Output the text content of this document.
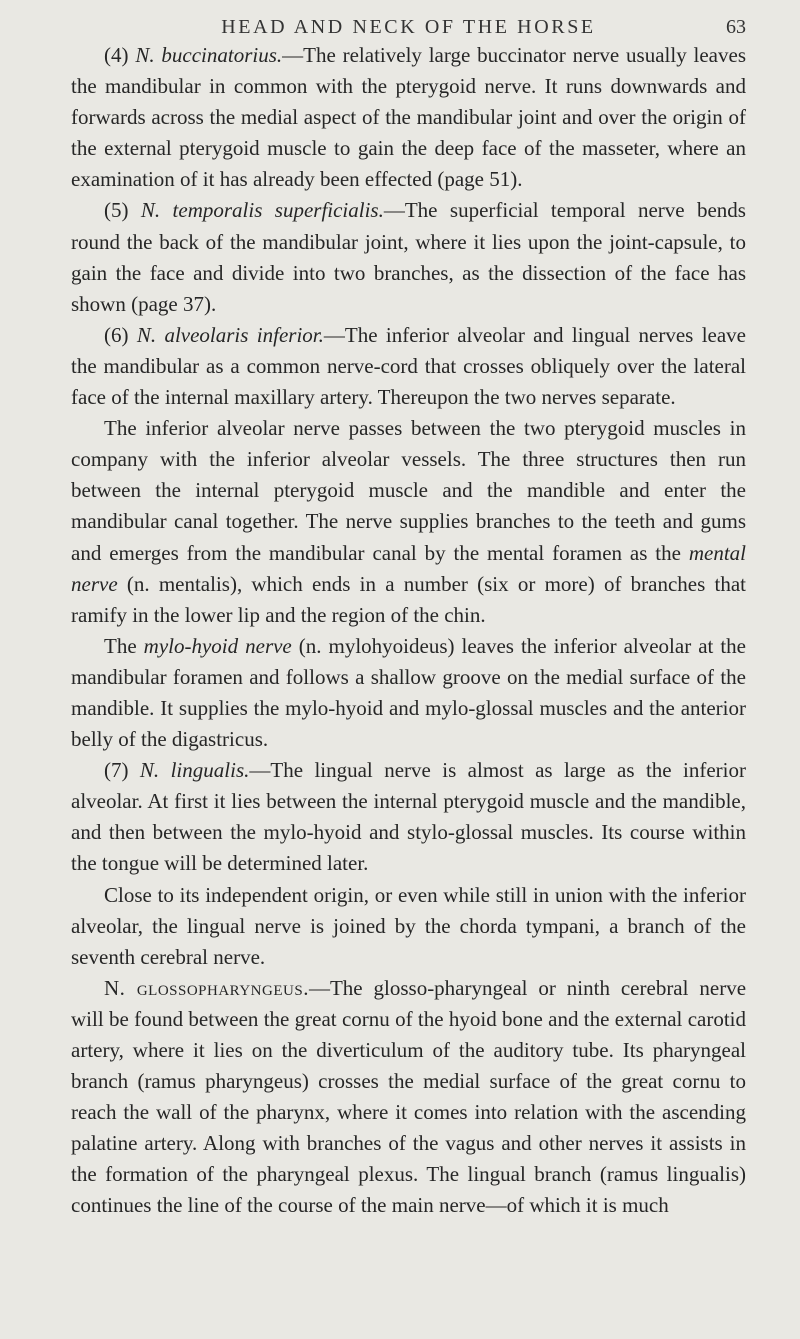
HEAD AND NECK OF THE HORSE	63

(4) N. buccinatorius.—The relatively large buccinator nerve usually leaves the mandibular in common with the pterygoid nerve. It runs downwards and forwards across the medial aspect of the mandibular joint and over the origin of the external pterygoid muscle to gain the deep face of the masseter, where an examination of it has already been effected (page 51).

(5) N. temporalis superficialis.—The superficial temporal nerve bends round the back of the mandibular joint, where it lies upon the joint-capsule, to gain the face and divide into two branches, as the dissection of the face has shown (page 37).

(6) N. alveolaris inferior.—The inferior alveolar and lingual nerves leave the mandibular as a common nerve-cord that crosses obliquely over the lateral face of the internal maxillary artery. Thereupon the two nerves separate.

The inferior alveolar nerve passes between the two pterygoid muscles in company with the inferior alveolar vessels. The three structures then run between the internal pterygoid muscle and the mandible and enter the mandibular canal together. The nerve supplies branches to the teeth and gums and emerges from the mandibular canal by the mental foramen as the mental nerve (n. mentalis), which ends in a number (six or more) of branches that ramify in the lower lip and the region of the chin.

The mylo-hyoid nerve (n. mylohyoideus) leaves the inferior alveolar at the mandibular foramen and follows a shallow groove on the medial surface of the mandible. It supplies the mylo-hyoid and mylo-glossal muscles and the anterior belly of the digastricus.

(7) N. lingualis.—The lingual nerve is almost as large as the inferior alveolar. At first it lies between the internal pterygoid muscle and the mandible, and then between the mylo-hyoid and stylo-glossal muscles. Its course within the tongue will be determined later.

Close to its independent origin, or even while still in union with the inferior alveolar, the lingual nerve is joined by the chorda tympani, a branch of the seventh cerebral nerve.

N. glossopharyngeus.—The glosso-pharyngeal or ninth cerebral nerve will be found between the great cornu of the hyoid bone and the external carotid artery, where it lies on the diverticulum of the auditory tube. Its pharyngeal branch (ramus pharyngeus) crosses the medial surface of the great cornu to reach the wall of the pharynx, where it comes into relation with the ascending palatine artery. Along with branches of the vagus and other nerves it assists in the formation of the pharyngeal plexus. The lingual branch (ramus lingualis) continues the line of the course of the main nerve—of which it is much
